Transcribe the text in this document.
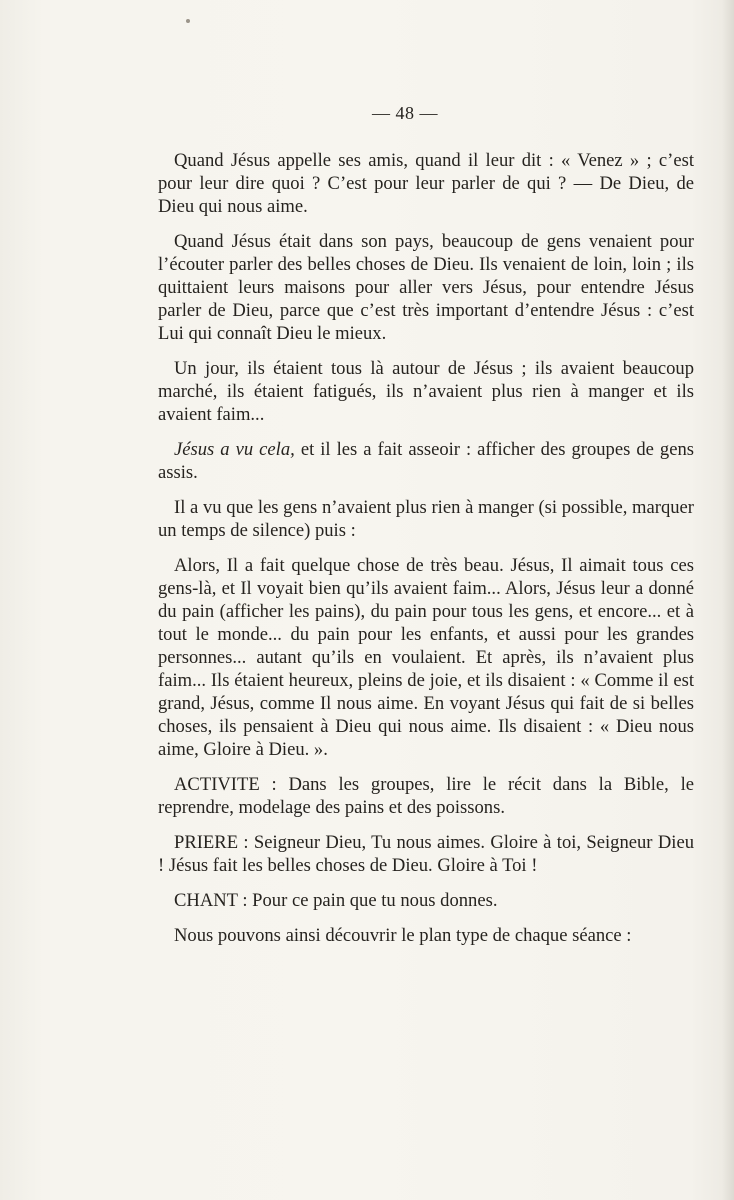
— 48 —

Quand Jésus appelle ses amis, quand il leur dit : « Venez » ; c’est pour leur dire quoi ? C’est pour leur parler de qui ? — De Dieu, de Dieu qui nous aime.

Quand Jésus était dans son pays, beaucoup de gens venaient pour l’écouter parler des belles choses de Dieu. Ils venaient de loin, loin ; ils quittaient leurs maisons pour aller vers Jésus, pour entendre Jésus parler de Dieu, parce que c’est très important d’entendre Jésus : c’est Lui qui connaît Dieu le mieux.

Un jour, ils étaient tous là autour de Jésus ; ils avaient beaucoup marché, ils étaient fatigués, ils n’avaient plus rien à manger et ils avaient faim...

Jésus a vu cela, et il les a fait asseoir : afficher des groupes de gens assis.

Il a vu que les gens n’avaient plus rien à manger (si possible, marquer un temps de silence) puis :

Alors, Il a fait quelque chose de très beau. Jésus, Il aimait tous ces gens-là, et Il voyait bien qu’ils avaient faim... Alors, Jésus leur a donné du pain (afficher les pains), du pain pour tous les gens, et encore... et à tout le monde... du pain pour les enfants, et aussi pour les grandes personnes... autant qu’ils en voulaient. Et après, ils n’avaient plus faim... Ils étaient heureux, pleins de joie, et ils disaient : « Comme il est grand, Jésus, comme Il nous aime. En voyant Jésus qui fait de si belles choses, ils pensaient à Dieu qui nous aime. Ils disaient : « Dieu nous aime, Gloire à Dieu. ».

ACTIVITE : Dans les groupes, lire le récit dans la Bible, le reprendre, modelage des pains et des poissons.

PRIERE : Seigneur Dieu, Tu nous aimes. Gloire à toi, Seigneur Dieu ! Jésus fait les belles choses de Dieu. Gloire à Toi !

CHANT : Pour ce pain que tu nous donnes.

Nous pouvons ainsi découvrir le plan type de chaque séance :
